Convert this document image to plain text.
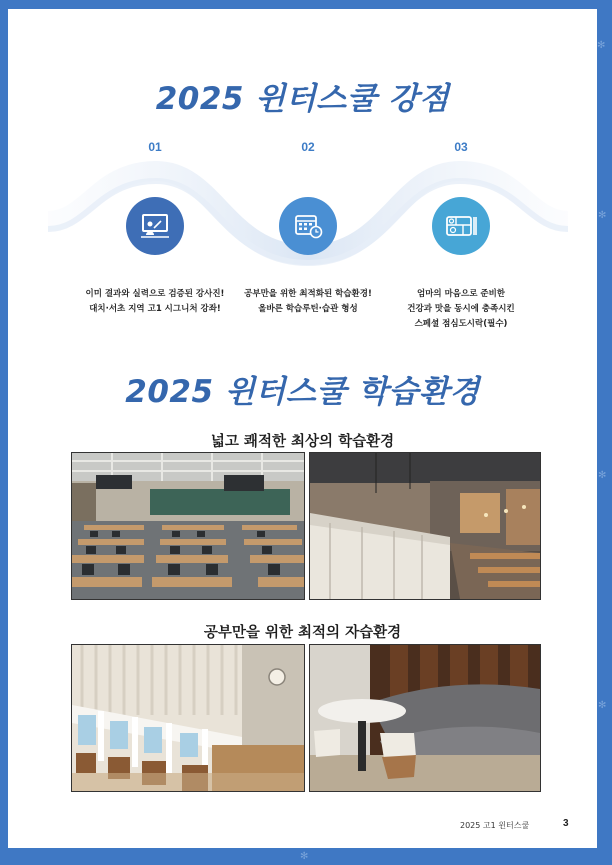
✻
✻
✻
✻
✻
2025 윈터스쿨 강점
01	02	03
이미 결과와 실력으로 검증된 강사진!
대치·서초 지역 고1 시그니처 강좌!
공부만을 위한 최적화된 학습환경!
올바른 학습루틴·습관 형성
엄마의 마음으로 준비한
건강과 맛을 동시에 충족시킨
스페셜 점심도시락(필수)
2025 윈터스쿨 학습환경
넓고 쾌적한 최상의 학습환경
공부만을 위한 최적의 자습환경
2025 고1 윈터스쿨	3
